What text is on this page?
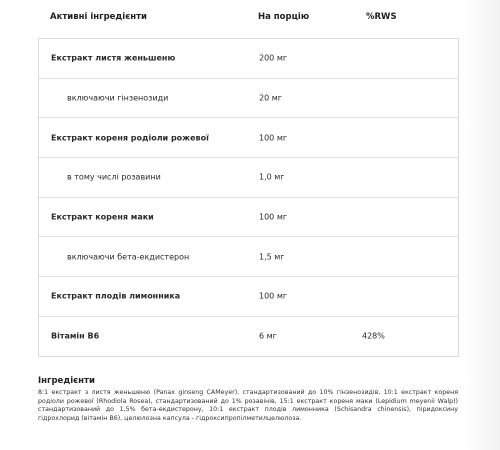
Активні інгредієнти	На порцію	%RWS
Екстракт листя женьшеню	200 мг
включаючи гінзенозиди	20 мг
Екстракт кореня родіоли рожевої	100 мг
в тому числі розавини	1,0 мг
Екстракт кореня маки	100 мг
включаючи бета-екдистерон	1,5 мг
Екстракт плодів лимонника	100 мг
Вітамін B6	6 мг	428%
Інгредієнти

8:1 екстракт з листя женьшеню (Panax ginseng CAMeyer), стандартизований до 10% гінзенозидів, 10:1 екстракт кореня родіоли рожевої (Rhodiola Rosea), стандартизований до 1% розавінів, 15:1 екстракт кореня маки (Lepidium meyenii Walp)) стандартизований до 1,5% бета-екдистерону, 10:1 екстракт плодів лимонника (Schisandra chinensis), піридоксину гідрохлорид (вітамін B6), целюлозна капсула - гідроксипропілметилцелюлоза.
